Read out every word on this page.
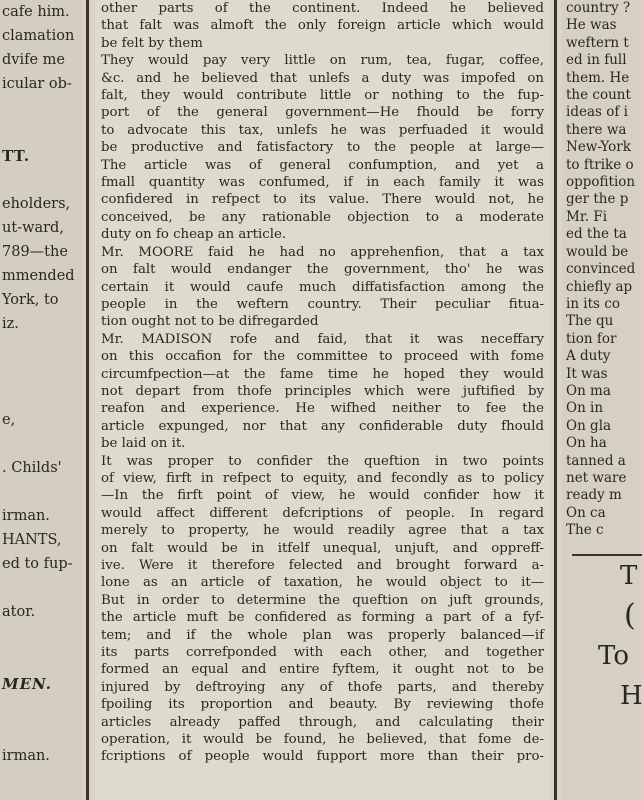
cafe him.
clamation
dvife me
icular ob-
TT.
eholders,
ut-ward,
789—the
mmended
York, to
iz.
e,
. Childs'
irman.
HANTS,
ed to fup-
ator.
MEN.
irman.
other parts of the continent. Indeed he believed
that falt was almoft the only foreign article which would
be felt by them
They would pay very little on rum, tea, fugar, coffee,
&c. and he believed that unlefs a duty was impofed on
falt, they would contribute little or nothing to the fup-
port of the general government—He fhould be forry
to advocate this tax, unlefs he was perfuaded it would
be productive and fatisfactory to the people at large—
The article was of general confumption, and yet a
fmall quantity was confumed, if in each family it was
confidered in refpect to its value. There would not, he
conceived, be any rationable objection to a moderate
duty on fo cheap an article.
Mr. MOORE faid he had no apprehenfion, that a tax
on falt would endanger the government, tho' he was
certain it would caufe much diffatisfaction among the
people in the weftern country. Their peculiar fitua-
tion ought not to be difregarded
Mr. MADISON rofe and faid, that it was neceffary
on this occafion for the committee to proceed with fome
circumfpection—at the fame time he hoped they would
not depart from thofe principles which were juftified by
reafon and experience. He wifhed neither to fee the
article expunged, nor that any confiderable duty fhould
be laid on it.
It was proper to confider the queftion in two points
of view, firft in refpect to equity, and fecondly as to policy
—In the firft point of view, he would confider how it
would affect different defcriptions of people. In regard
merely to property, he would readily agree that a tax
on falt would be in itfelf unequal, unjuft, and oppreff-
ive. Were it therefore felected and brought forward a-
lone as an article of taxation, he would object to it—
But in order to determine the queftion on juft grounds,
the article muft be confidered as forming a part of a fyf-
tem; and if the whole plan was properly balanced—if
its parts correfponded with each other, and together
formed an equal and entire fyftem, it ought not to be
injured by deftroying any of thofe parts, and thereby
fpoiling its proportion and beauty. By reviewing thofe
articles already paffed through, and calculating their
operation, it would be found, he believed, that fome de-
fcriptions of people would fupport more than their pro-
country ?
He was
weftern t
ed in full
them. He
the count
ideas of i
there wa
New-York
to ftrike o
oppofition
ger the p
Mr. Fi
ed the ta
would be
convinced
chiefly ap
in its co
The qu
tion for
A duty
It was
On ma
On in
On gla
On ha
tanned a
net ware
ready m
On ca
The c
T
(
To
H
